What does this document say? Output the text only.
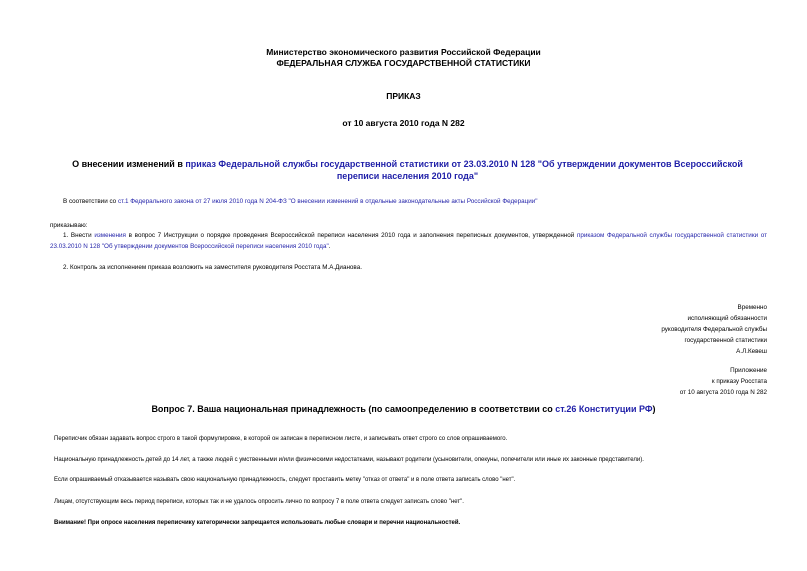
Министерство экономического развития Российской Федерации
ФЕДЕРАЛЬНАЯ СЛУЖБА ГОСУДАРСТВЕННОЙ СТАТИСТИКИ
ПРИКАЗ
от 10 августа 2010 года N 282
О внесении изменений в приказ Федеральной службы государственной статистики от 23.03.2010 N 128 "Об утверждении документов Всероссийской переписи населения 2010 года"
В соответствии со ст.1 Федерального закона от 27 июля 2010 года N 204-ФЗ "О внесении изменений в отдельные законодательные акты Российской Федерации"
приказываю:
1. Внести изменения в вопрос 7 Инструкции о порядке проведения Всероссийской переписи населения 2010 года и заполнения переписных документов, утвержденной приказом Федеральной службы государственной статистики от 23.03.2010 N 128 "Об утверждении документов Всероссийской переписи населения 2010 года".
2. Контроль за исполнением приказа возложить на заместителя руководителя Росстата М.А.Дианова.
Временно
исполняющий обязанности
руководителя Федеральной службы
государственной статистики
А.Л.Кевеш
Приложение
к приказу Росстата
от 10 августа 2010 года N 282
Вопрос 7. Ваша национальная принадлежность (по самоопределению в соответствии со ст.26 Конституции РФ)
Переписчик обязан задавать вопрос строго в такой формулировке, в которой он записан в переписном листе, и записывать ответ строго со слов опрашиваемого.
Национальную принадлежность детей до 14 лет, а также людей с умственными и/или физическими недостатками, называют родители (усыновители, опекуны, попечители или иные их законные представители).
Если опрашиваемый отказывается называть свою национальную принадлежность, следует проставить метку "отказ от ответа" и в поле ответа записать слово "нет".
Лицам, отсутствующим весь период переписи, которых так и не удалось опросить лично по вопросу 7 в поле ответа следует записать слово "нет".
Внимание! При опросе населения переписчику категорически запрещается использовать любые словари и перечни национальностей.
